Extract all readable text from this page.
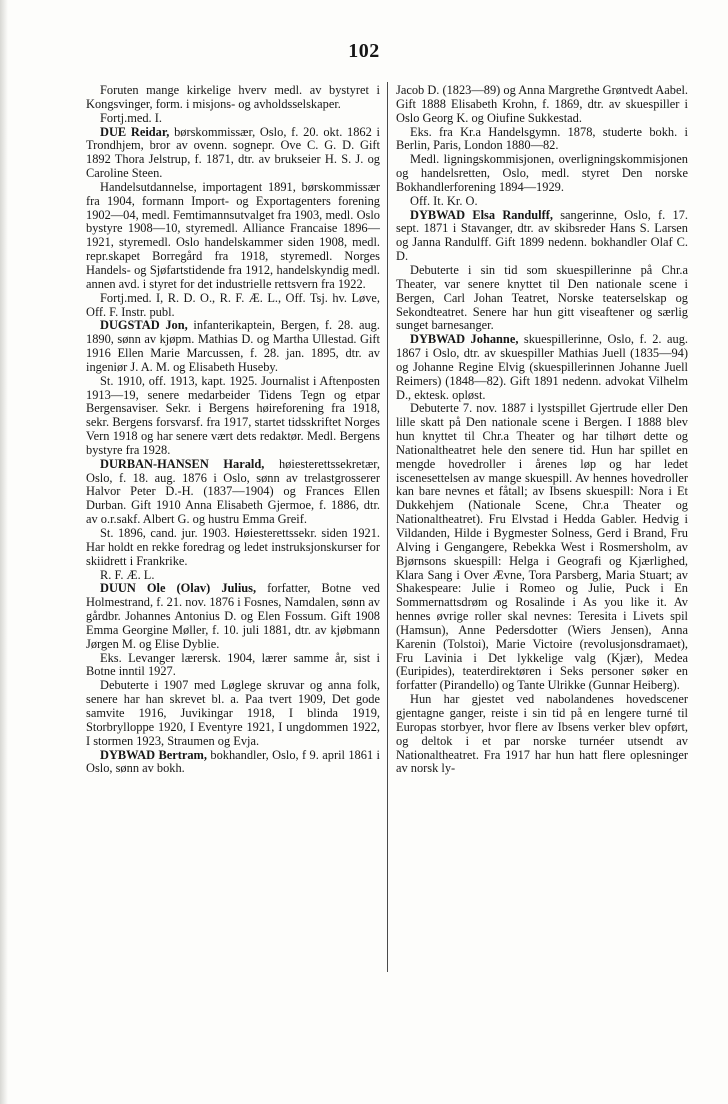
102

Foruten mange kirkelige hverv medl. av bystyret i Kongsvinger, form. i misjons- og avholdsselskaper.

Fortj.med. I.

DUE Reidar, børskommissær, Oslo, f. 20. okt. 1862 i Trondhjem, bror av ovenn. sognepr. Ove C. G. D. Gift 1892 Thora Jelstrup, f. 1871, dtr. av brukseier H. S. J. og Caroline Steen.

Handelsutdannelse, importagent 1891, børskommissær fra 1904, formann Import- og Exportagenters forening 1902—04, medl. Femtimannsutvalget fra 1903, medl. Oslo bystyre 1908—10, styremedl. Alliance Francaise 1896—1921, styremedl. Oslo handelskammer siden 1908, medl. repr.skapet Borregård fra 1918, styremedl. Norges Handels- og Sjøfartstidende fra 1912, handelskyndig medl. annen avd. i styret for det industrielle rettsvern fra 1922.

Fortj.med. I, R. D. O., R. F. Æ. L., Off. Tsj. hv. Løve, Off. F. Instr. publ.

DUGSTAD Jon, infanterikaptein, Bergen, f. 28. aug. 1890, sønn av kjøpm. Mathias D. og Martha Ullestad. Gift 1916 Ellen Marie Marcussen, f. 28. jan. 1895, dtr. av ingeniør J. A. M. og Elisabeth Huseby.

St. 1910, off. 1913, kapt. 1925. Journalist i Aftenposten 1913—19, senere medarbeider Tidens Tegn og etpar Bergensaviser. Sekr. i Bergens høireforening fra 1918, sekr. Bergens forsvarsf. fra 1917, startet tidsskriftet Norges Vern 1918 og har senere vært dets redaktør. Medl. Bergens bystyre fra 1928.

DURBAN-HANSEN Harald, høiesterettssekretær, Oslo, f. 18. aug. 1876 i Oslo, sønn av trelastgrosserer Halvor Peter D.-H. (1837—1904) og Frances Ellen Durban. Gift 1910 Anna Elisabeth Gjermoe, f. 1886, dtr. av o.r.sakf. Albert G. og hustru Emma Greif.

St. 1896, cand. jur. 1903. Høiesterettssekr. siden 1921. Har holdt en rekke foredrag og ledet instruksjonskurser for skiidrett i Frankrike.

R. F. Æ. L.

DUUN Ole (Olav) Julius, forfatter, Botne ved Holmestrand, f. 21. nov. 1876 i Fosnes, Namdalen, sønn av gårdbr. Johannes Antonius D. og Elen Fossum. Gift 1908 Emma Georgine Møller, f. 10. juli 1881, dtr. av kjøbmann Jørgen M. og Elise Dyblie.

Eks. Levanger lærersk. 1904, lærer samme år, sist i Botne inntil 1927.

Debuterte i 1907 med Løglege skruvar og anna folk, senere har han skrevet bl. a. Paa tvert 1909, Det gode samvite 1916, Juvikingar 1918, I blinda 1919, Storbrylloppe 1920, I Eventyre 1921, I ungdommen 1922, I stormen 1923, Straumen og Evja.

DYBWAD Bertram, bokhandler, Oslo, f 9. april 1861 i Oslo, sønn av bokh.

Jacob D. (1823—89) og Anna Margrethe Grøntvedt Aabel. Gift 1888 Elisabeth Krohn, f. 1869, dtr. av skuespiller i Oslo Georg K. og Oiufine Sukkestad.

Eks. fra Kr.a Handelsgymn. 1878, studerte bokh. i Berlin, Paris, London 1880—82.

Medl. ligningskommisjonen, overligningskommisjonen og handelsretten, Oslo, medl. styret Den norske Bokhandlerforening 1894—1929.

Off. It. Kr. O.

DYBWAD Elsa Randulff, sangerinne, Oslo, f. 17. sept. 1871 i Stavanger, dtr. av skibsreder Hans S. Larsen og Janna Randulff. Gift 1899 nedenn. bokhandler Olaf C. D.

Debuterte i sin tid som skuespillerinne på Chr.a Theater, var senere knyttet til Den nationale scene i Bergen, Carl Johan Teatret, Norske teaterselskap og Sekondteatret. Senere har hun gitt viseaftener og særlig sunget barnesanger.

DYBWAD Johanne, skuespillerinne, Oslo, f. 2. aug. 1867 i Oslo, dtr. av skuespiller Mathias Juell (1835—94) og Johanne Regine Elvig (skuespillerinnen Johanne Juell Reimers) (1848—82). Gift 1891 nedenn. advokat Vilhelm D., ektesk. opløst.

Debuterte 7. nov. 1887 i lystspillet Gjertrude eller Den lille skatt på Den nationale scene i Bergen. I 1888 blev hun knyttet til Chr.a Theater og har tilhørt dette og Nationaltheatret hele den senere tid. Hun har spillet en mengde hovedroller i årenes løp og har ledet iscenesettelsen av mange skuespill. Av hennes hovedroller kan bare nevnes et fåtall; av Ibsens skuespill: Nora i Et Dukkehjem (Nationale Scene, Chr.a Theater og Nationaltheatret). Fru Elvstad i Hedda Gabler. Hedvig i Vildanden, Hilde i Bygmester Solness, Gerd i Brand, Fru Alving i Gengangere, Rebekka West i Rosmersholm, av Bjørnsons skuespill: Helga i Geografi og Kjærlighed, Klara Sang i Over Ævne, Tora Parsberg, Maria Stuart; av Shakespeare: Julie i Romeo og Julie, Puck i En Sommernattsdrøm og Rosalinde i As you like it. Av hennes øvrige roller skal nevnes: Teresita i Livets spil (Hamsun), Anne Pedersdotter (Wiers Jensen), Anna Karenin (Tolstoi), Marie Victoire (revolusjonsdramaet), Fru Lavinia i Det lykkelige valg (Kjær), Medea (Euripides), teaterdirektøren i Seks personer søker en forfatter (Pirandello) og Tante Ulrikke (Gunnar Heiberg).

Hun har gjestet ved nabolandenes hovedscener gjentagne ganger, reiste i sin tid på en lengere turné til Europas storbyer, hvor flere av Ibsens verker blev opført, og deltok i et par norske turnéer utsendt av Nationaltheatret. Fra 1917 har hun hatt flere oplesninger av norsk ly-
